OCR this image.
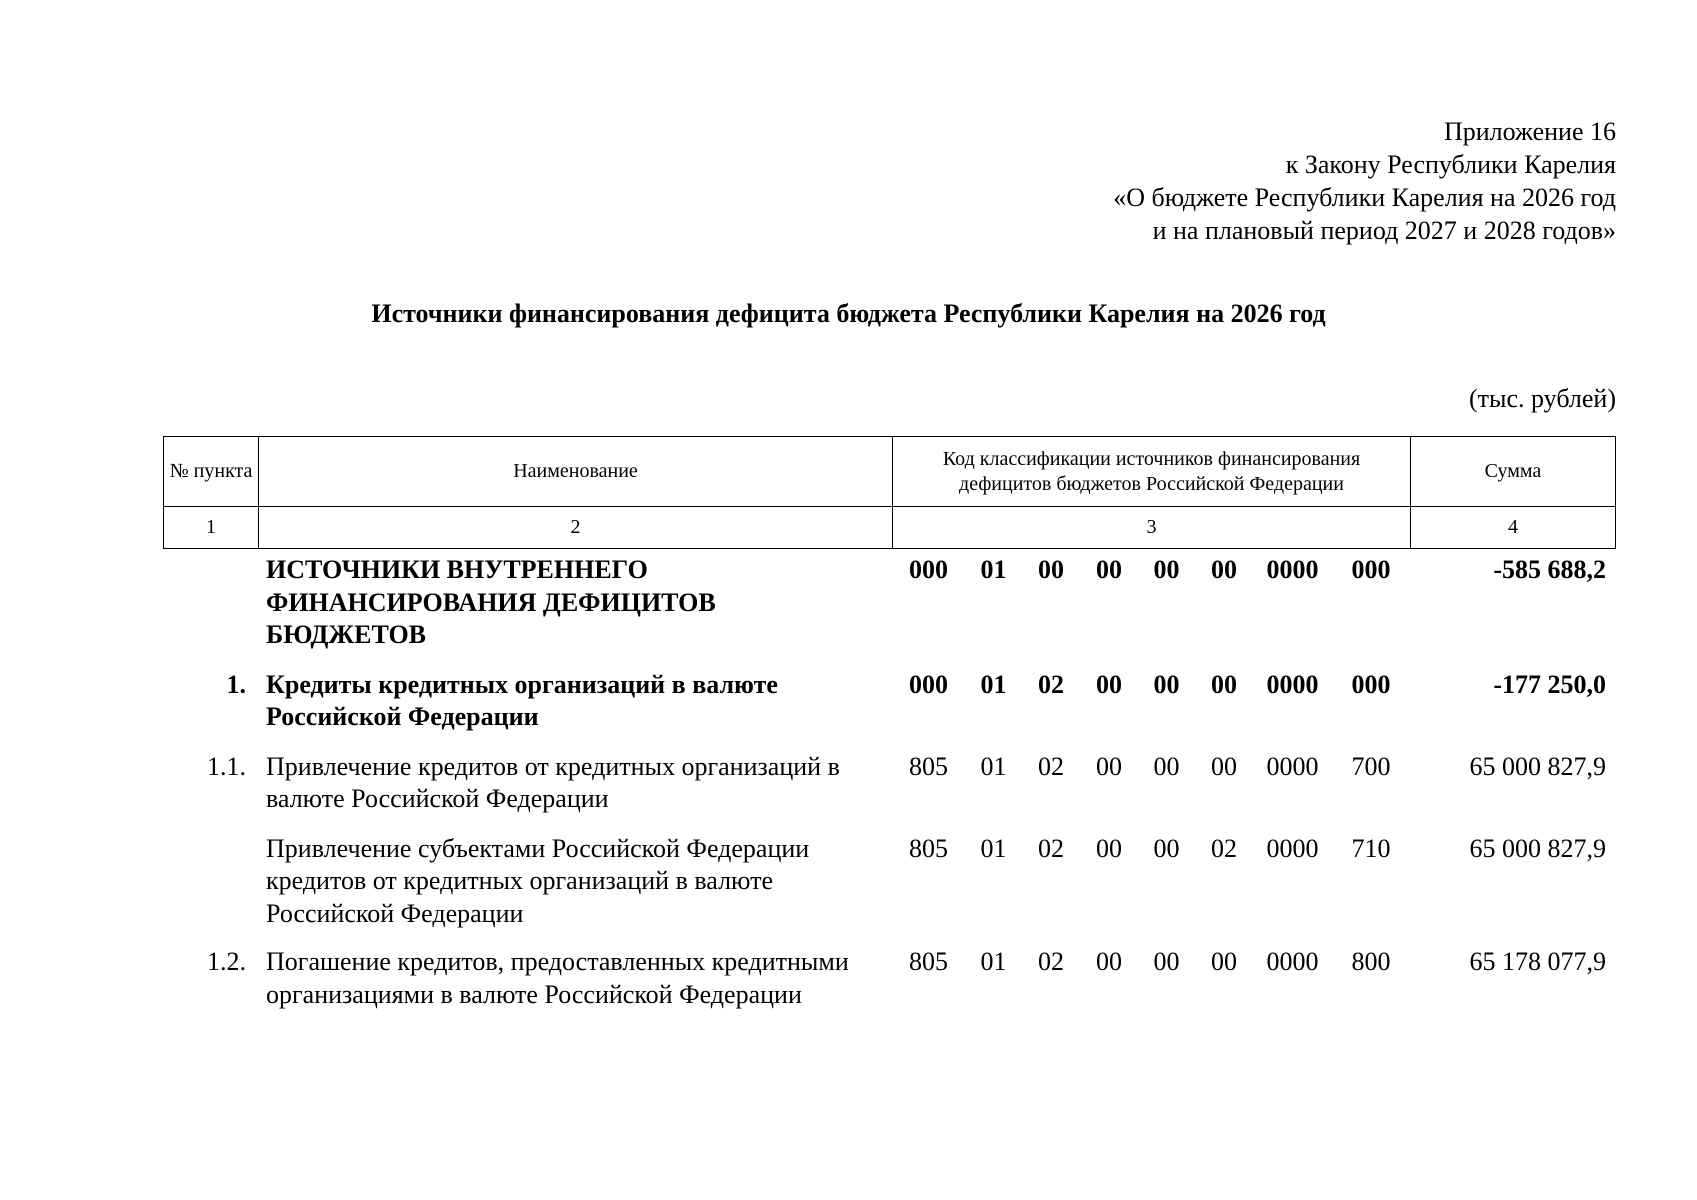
Приложение 16
к Закону Республики Карелия
«О бюджете Республики Карелия на 2026 год
и на плановый период 2027 и 2028 годов»
Источники финансирования дефицита бюджета Республики Карелия на 2026 год
(тыс. рублей)
№ пункта	Наименование	Код классификации источников финансирования дефицитов бюджетов Российской Федерации	Сумма
1	2	3	4
	ИСТОЧНИКИ ВНУТРЕННЕГО ФИНАНСИРОВАНИЯ ДЕФИЦИТОВ БЮДЖЕТОВ	000	01	00	00	00	00	0000	000	-585 688,2

1.	Кредиты кредитных организаций в валюте Российской Федерации	000	01	02	00	00	00	0000	000	-177 250,0

1.1.	Привлечение кредитов от кредитных организаций в валюте Российской Федерации	805	01	02	00	00	00	0000	700	65 000 827,9

	Привлечение субъектами Российской Федерации кредитов от кредитных организаций в валюте Российской Федерации	805	01	02	00	00	02	0000	710	65 000 827,9

1.2.	Погашение кредитов, предоставленных кредитными организациями в валюте Российской Федерации	805	01	02	00	00	00	0000	800	65 178 077,9
